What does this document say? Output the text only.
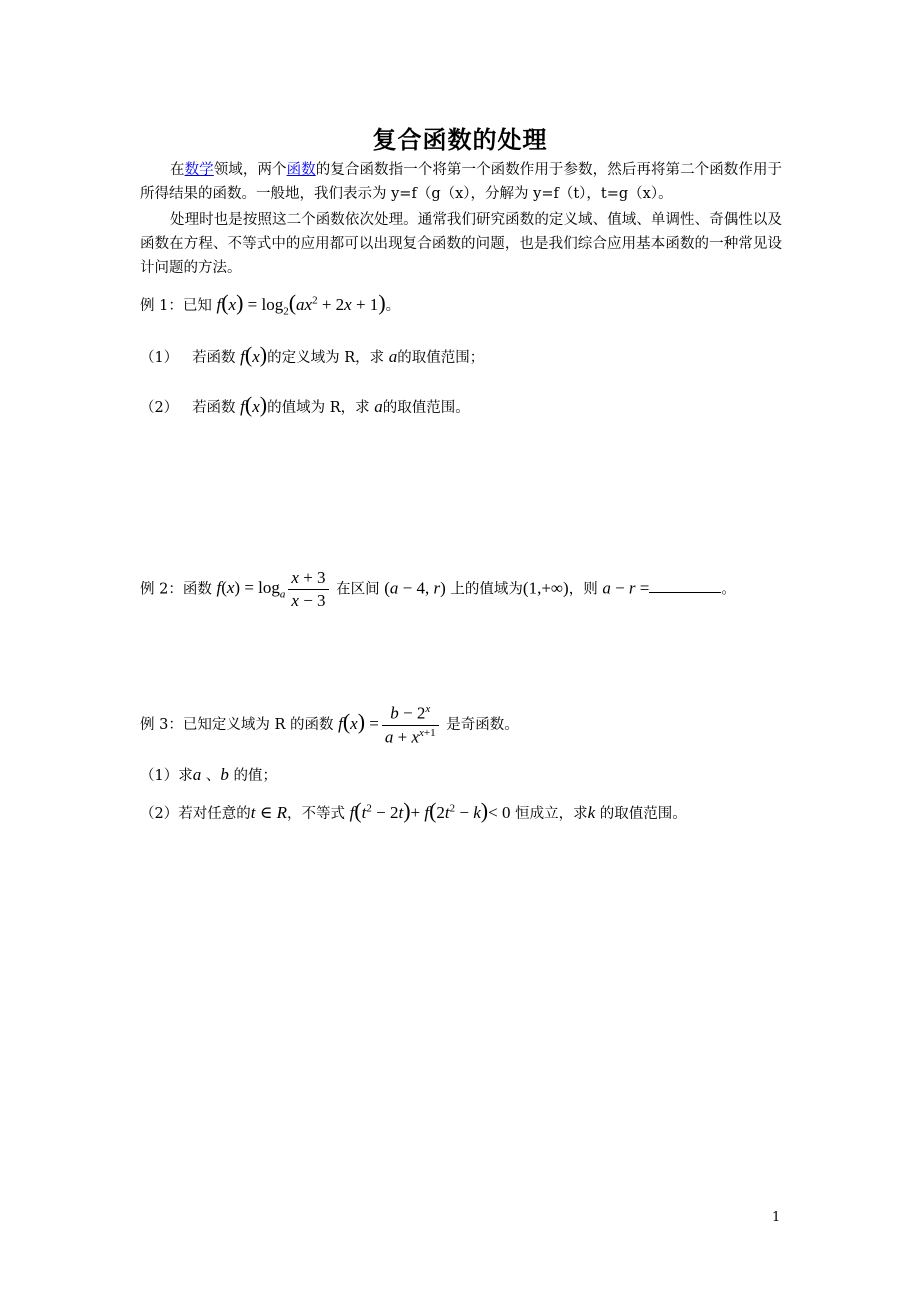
复合函数的处理
在数学领域，两个函数的复合函数指一个将第一个函数作用于参数，然后再将第二个函数作用于所得结果的函数。一般地，我们表示为 y=f（g（x），分解为 y=f（t），t=g（x）。
处理时也是按照这二个函数依次处理。通常我们研究函数的定义域、值域、单调性、奇偶性以及函数在方程、不等式中的应用都可以出现复合函数的问题，也是我们综合应用基本函数的一种常见设计问题的方法。
例 1：已知 $f(x) = \log_2(ax^2 + 2x + 1)$。
（1） 若函数 f(x)的定义域为 R，求 a的取值范围；
（2） 若函数 f(x)的值域为 R，求 a的取值范围。
例 2：函数 $f(x) = \log_a \frac{x + 3}{x - 3}$ 在区间 (a − 4, r) 上的值域为(1,+∞)，则 a − r =	。
例 3：已知定义域为 R 的函数 $f(x) = \frac{b - 2^x}{a + x^{x+1}}$ 是奇函数。
（1）求a 、b 的值；
（2）若对任意的t ∈ R，不等式 $f(t^2 - 2t)+ f(2t^2 - k)< 0$ 恒成立，求k 的取值范围。
1
